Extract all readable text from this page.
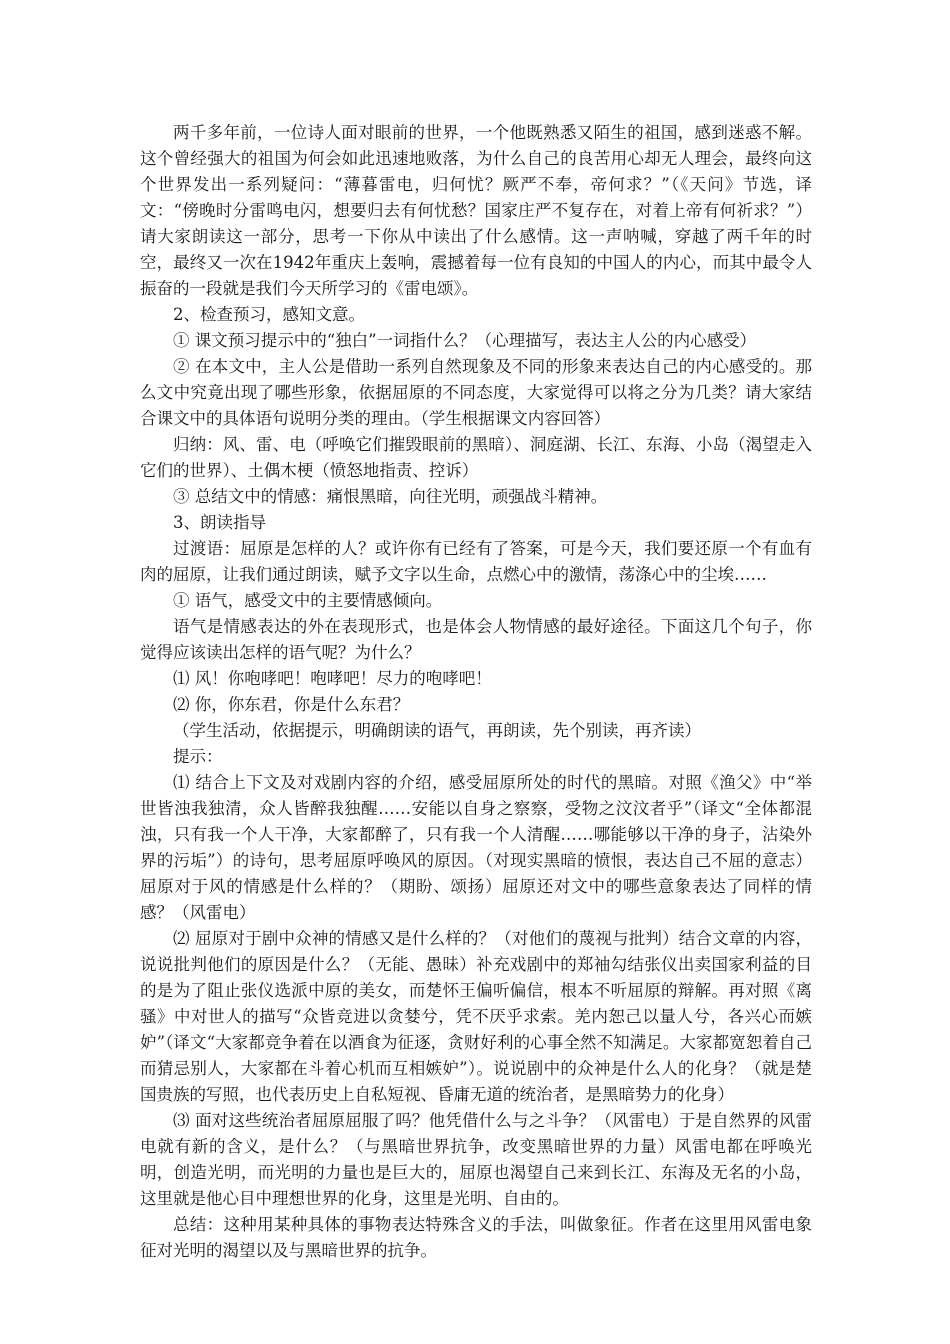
两千多年前，一位诗人面对眼前的世界，一个他既熟悉又陌生的祖国，感到迷惑不解。这个曾经强大的祖国为何会如此迅速地败落，为什么自己的良苦用心却无人理会，最终向这个世界发出一系列疑问：“薄暮雷电，归何忧？厥严不奉，帝何求？”（《天问》节选，译文：“傍晚时分雷鸣电闪，想要归去有何忧愁？国家庄严不复存在，对着上帝有何祈求？”）请大家朗读这一部分，思考一下你从中读出了什么感情。这一声呐喊，穿越了两千年的时空，最终又一次在1942年重庆上轰响，震撼着每一位有良知的中国人的内心，而其中最令人振奋的一段就是我们今天所学习的《雷电颂》。

2、检查预习，感知文意。

① 课文预习提示中的“独白”一词指什么？（心理描写，表达主人公的内心感受）

② 在本文中，主人公是借助一系列自然现象及不同的形象来表达自己的内心感受的。那么文中究竟出现了哪些形象，依据屈原的不同态度，大家觉得可以将之分为几类？请大家结合课文中的具体语句说明分类的理由。（学生根据课文内容回答）

归纳：风、雷、电（呼唤它们摧毁眼前的黑暗）、洞庭湖、长江、东海、小岛（渴望走入它们的世界）、土偶木梗（愤怒地指责、控诉）

③ 总结文中的情感：痛恨黑暗，向往光明，顽强战斗精神。

3、朗读指导

过渡语：屈原是怎样的人？或许你有已经有了答案，可是今天，我们要还原一个有血有肉的屈原，让我们通过朗读，赋予文字以生命，点燃心中的激情，荡涤心中的尘埃……

① 语气，感受文中的主要情感倾向。

语气是情感表达的外在表现形式，也是体会人物情感的最好途径。下面这几个句子，你觉得应该读出怎样的语气呢？为什么？

⑴ 风！你咆哮吧！咆哮吧！尽力的咆哮吧！

⑵ 你，你东君，你是什么东君？

（学生活动，依据提示，明确朗读的语气，再朗读，先个别读，再齐读）

提示：

⑴ 结合上下文及对戏剧内容的介绍，感受屈原所处的时代的黑暗。对照《渔父》中“举世皆浊我独清，众人皆醉我独醒……安能以自身之察察，受物之汶汶者乎”（译文“全体都混浊，只有我一个人干净，大家都醉了，只有我一个人清醒……哪能够以干净的身子，沾染外界的污垢”）的诗句，思考屈原呼唤风的原因。（对现实黑暗的愤恨，表达自己不屈的意志）屈原对于风的情感是什么样的？（期盼、颂扬）屈原还对文中的哪些意象表达了同样的情感？（风雷电）

⑵ 屈原对于剧中众神的情感又是什么样的？（对他们的蔑视与批判）结合文章的内容，说说批判他们的原因是什么？（无能、愚昧）补充戏剧中的郑袖勾结张仪出卖国家利益的目的是为了阻止张仪选派中原的美女，而楚怀王偏听偏信，根本不听屈原的辩解。再对照《离骚》中对世人的描写“众皆竞进以贪婪兮，凭不厌乎求索。羌内恕己以量人兮，各兴心而嫉妒”（译文“大家都竞争着在以酒食为征逐，贪财好利的心事全然不知满足。大家都宽恕着自己而猜忌别人，大家都在斗着心机而互相嫉妒”）。说说剧中的众神是什么人的化身？（就是楚国贵族的写照，也代表历史上自私短视、昏庸无道的统治者，是黑暗势力的化身）

⑶ 面对这些统治者屈原屈服了吗？他凭借什么与之斗争？（风雷电）于是自然界的风雷电就有新的含义，是什么？（与黑暗世界抗争，改变黑暗世界的力量）风雷电都在呼唤光明，创造光明，而光明的力量也是巨大的，屈原也渴望自己来到长江、东海及无名的小岛，这里就是他心目中理想世界的化身，这里是光明、自由的。

总结：这种用某种具体的事物表达特殊含义的手法，叫做象征。作者在这里用风雷电象征对光明的渴望以及与黑暗世界的抗争。
